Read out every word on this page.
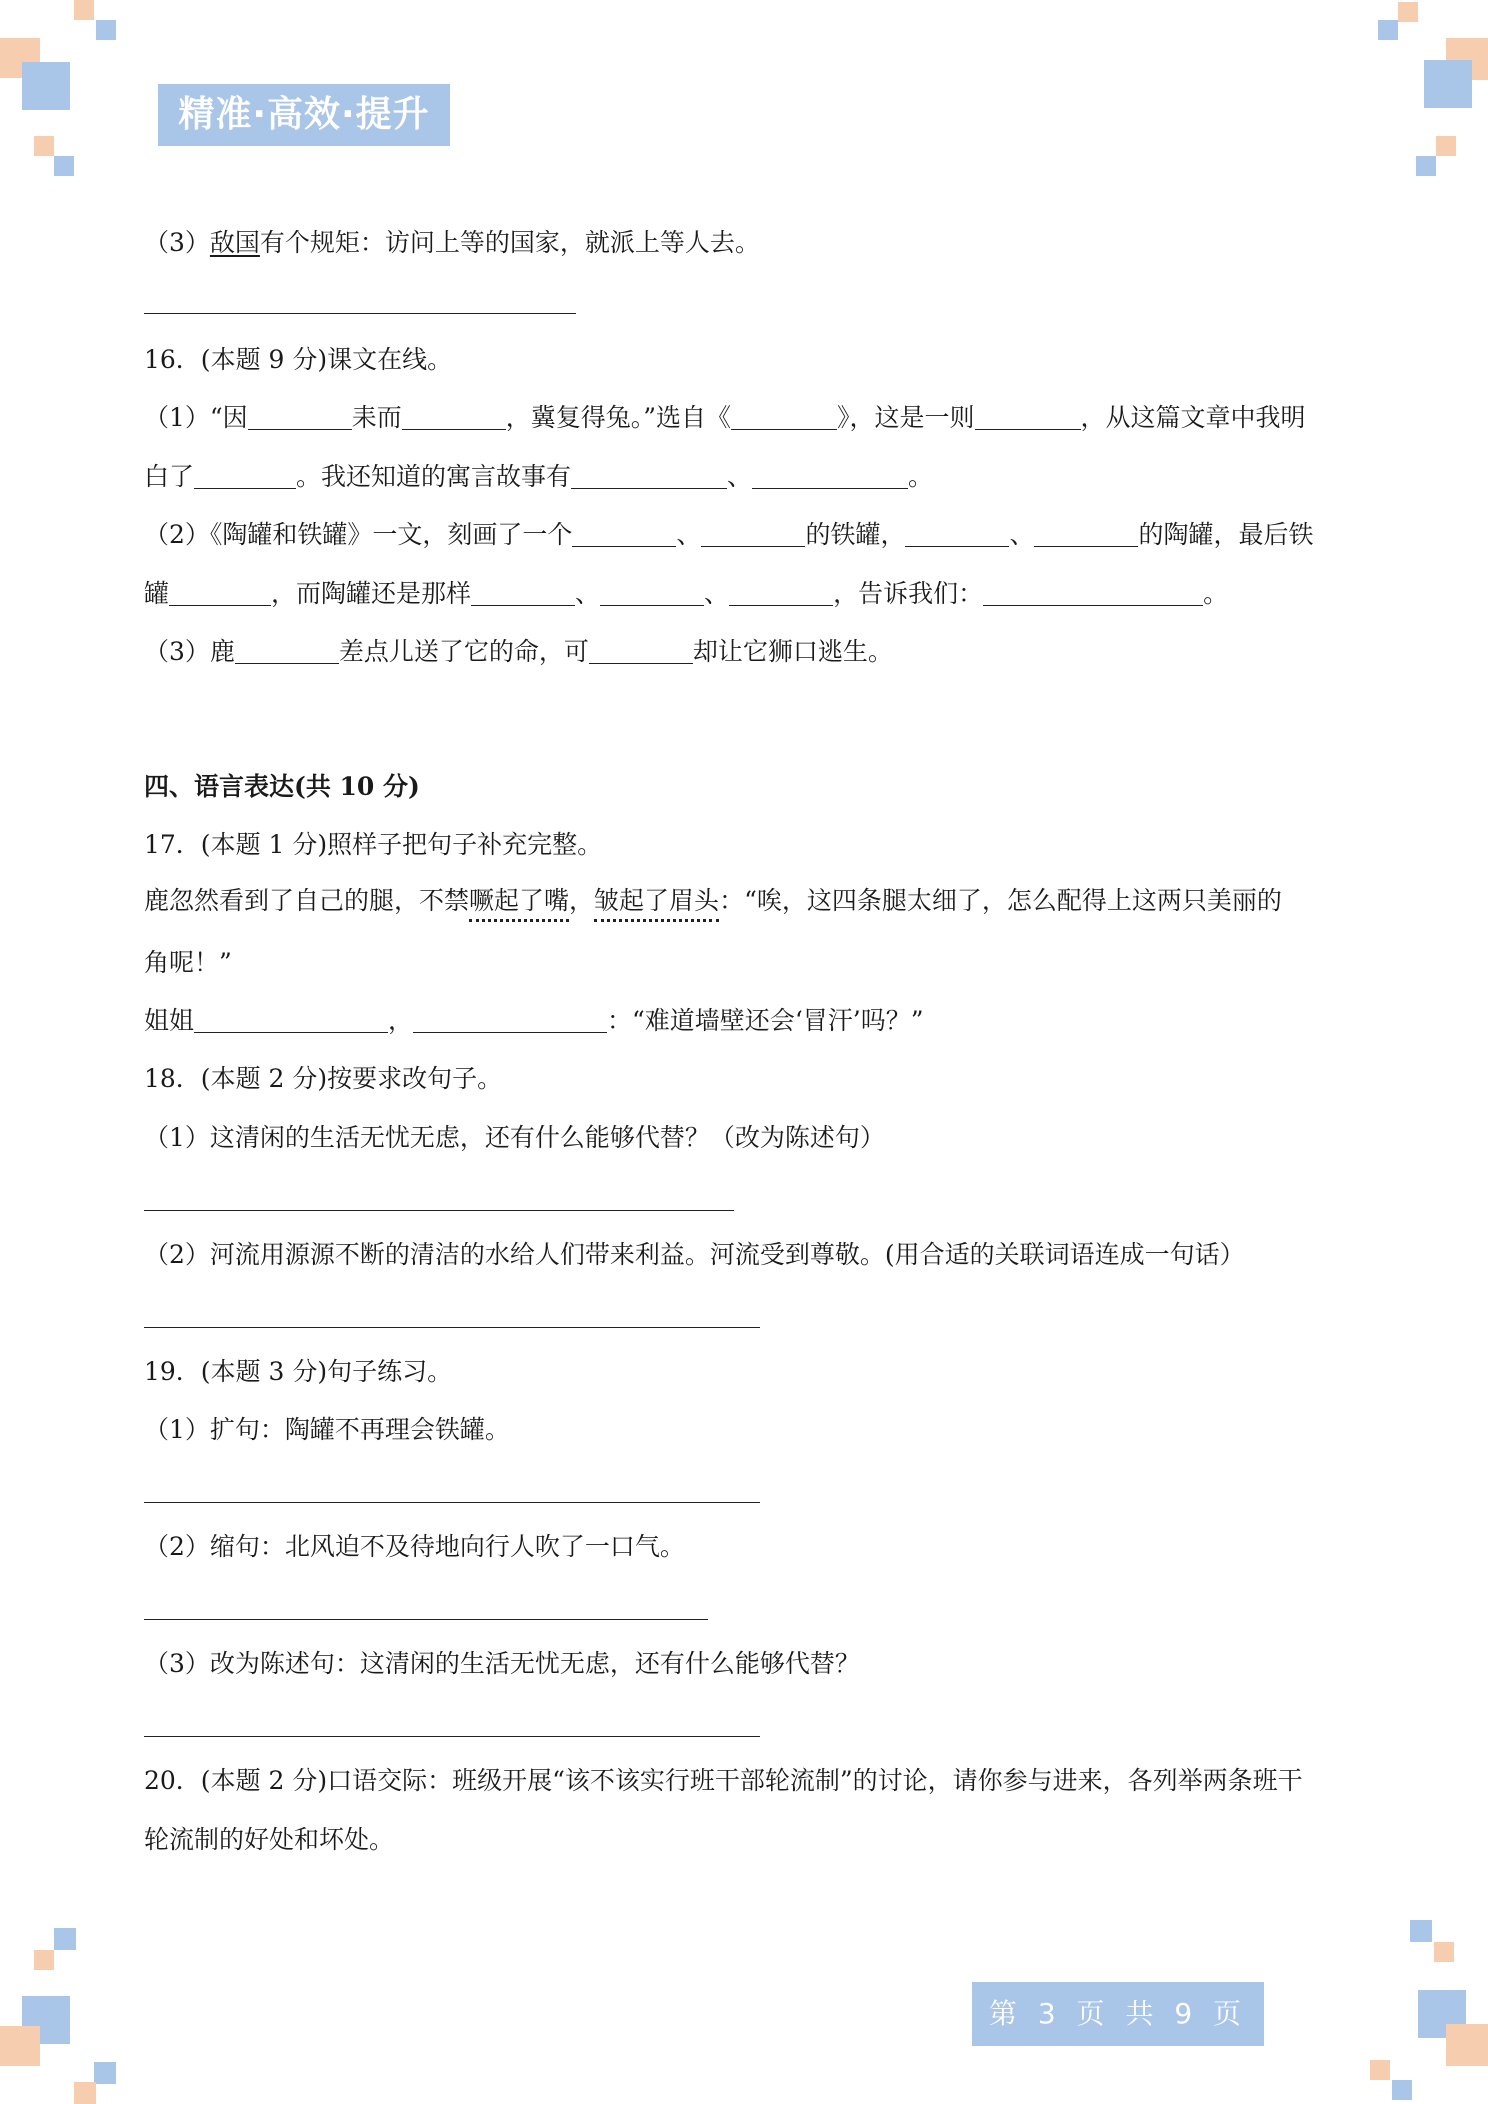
精准·高效·提升
（3）敌国有个规矩：访问上等的国家，就派上等人去。
16．(本题 9 分)课文在线。
（1）“因	耒而	，冀复得兔。”选自《	》，这是一则	，从这篇文章中我明
白了	。我还知道的寓言故事有	、	。
（2）《陶罐和铁罐》一文，刻画了一个	、	的铁罐，	、	的陶罐，最后铁
罐	，而陶罐还是那样	、	、	，告诉我们：	。
（3）鹿	差点儿送了它的命，可	却让它狮口逃生。
四、语言表达(共 10 分)
17．(本题 1 分)照样子把句子补充完整。
鹿忽然看到了自己的腿，不禁噘起了嘴，皱起了眉头：“唉，这四条腿太细了，怎么配得上这两只美丽的
角呢！”
姐姐	，	：“难道墙壁还会‘冒汗’吗？”
18．(本题 2 分)按要求改句子。
（1）这清闲的生活无忧无虑，还有什么能够代替？（改为陈述句）
（2）河流用源源不断的清洁的水给人们带来利益。河流受到尊敬。(用合适的关联词语连成一句话）
19．(本题 3 分)句子练习。
（1）扩句：陶罐不再理会铁罐。
（2）缩句：北风迫不及待地向行人吹了一口气。
（3）改为陈述句：这清闲的生活无忧无虑，还有什么能够代替？
20．(本题 2 分)口语交际：班级开展“该不该实行班干部轮流制”的讨论，请你参与进来，各列举两条班干
轮流制的好处和坏处。
第 3 页 共 9 页
